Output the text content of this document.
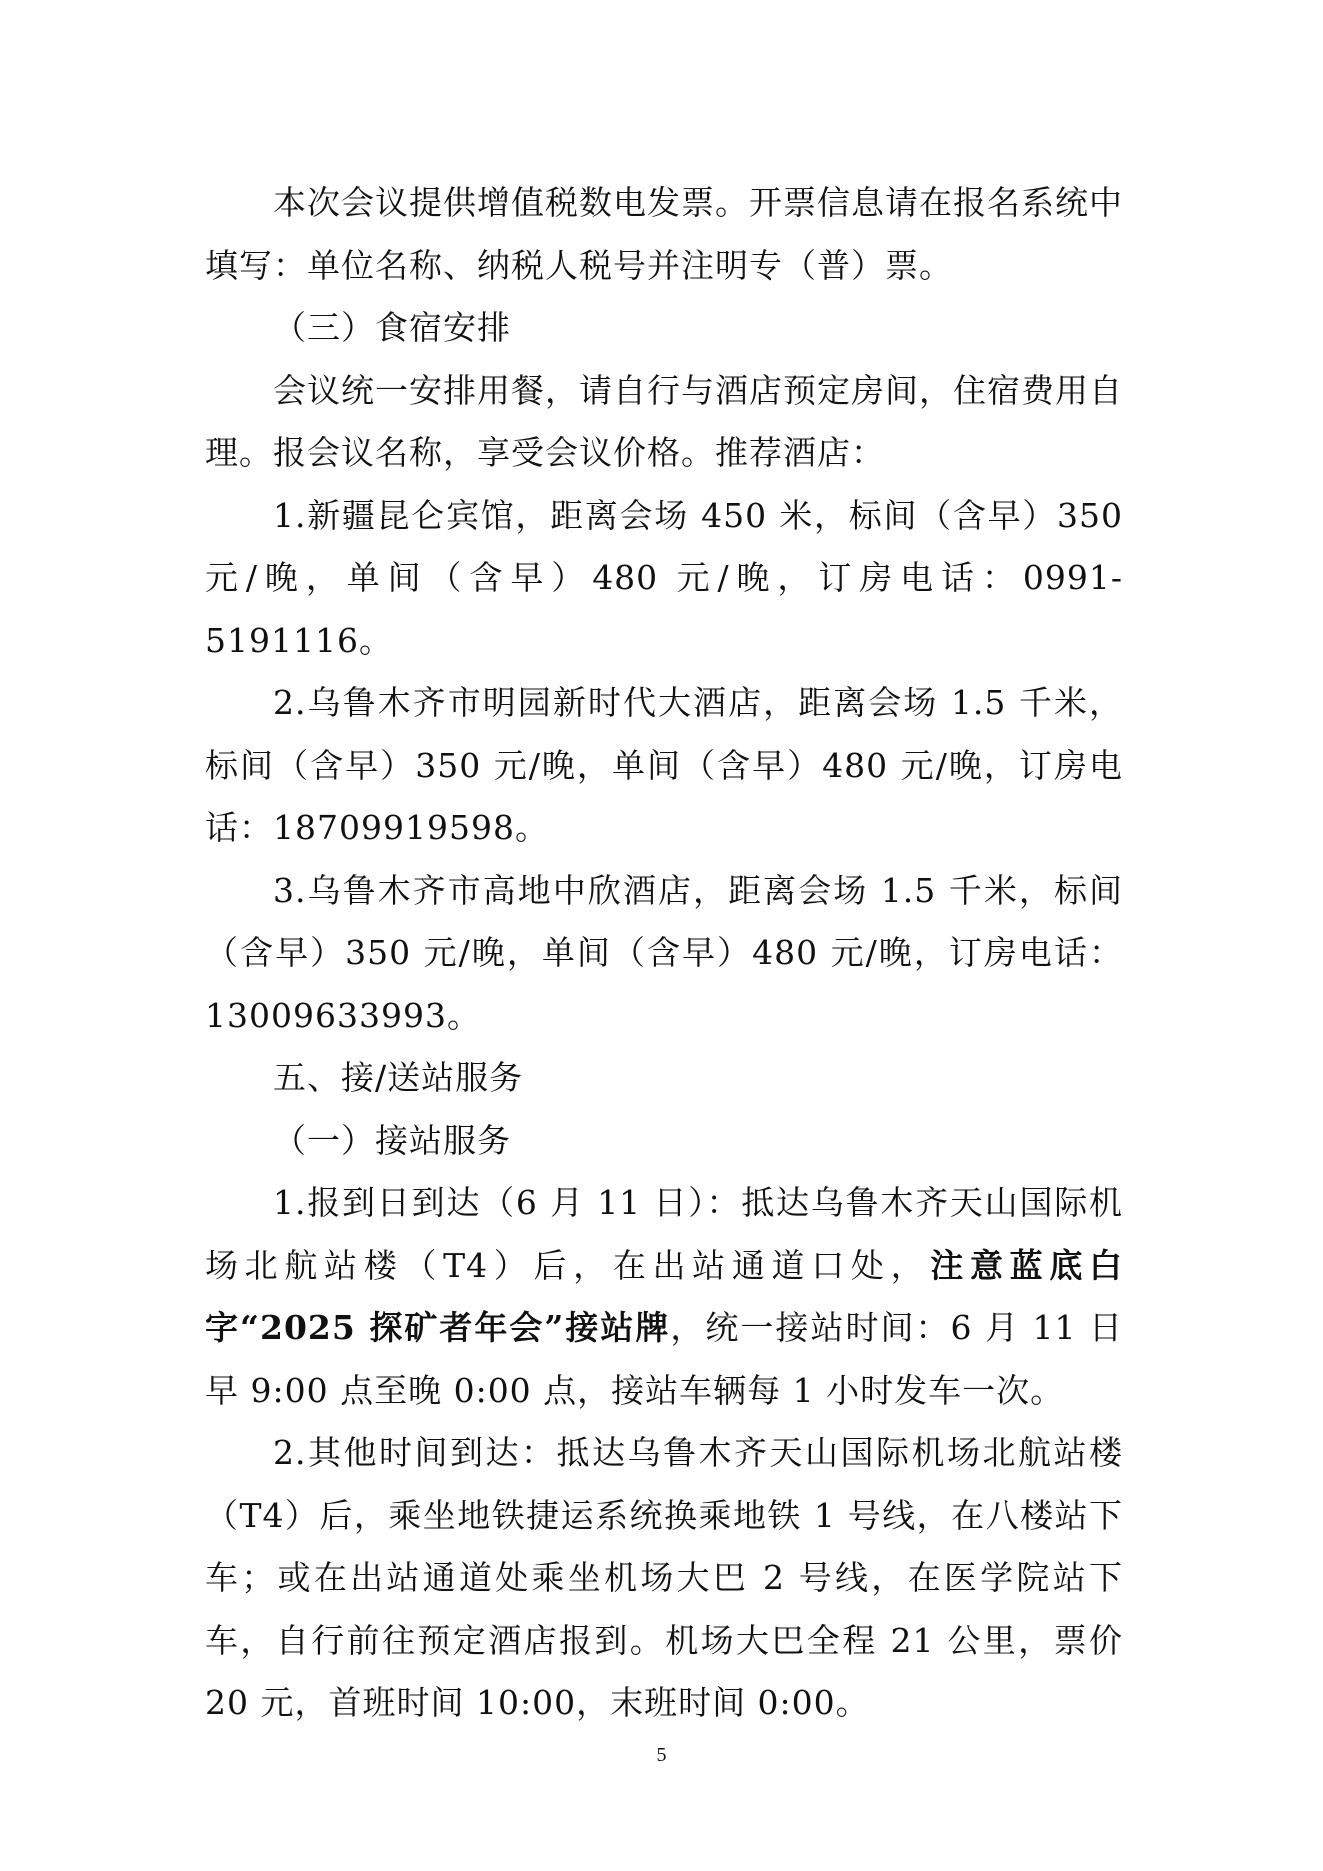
本次会议提供增值税数电发票。开票信息请在报名系统中填写：单位名称、纳税人税号并注明专（普）票。

（三）食宿安排

会议统一安排用餐，请自行与酒店预定房间，住宿费用自理。报会议名称，享受会议价格。推荐酒店：

1.新疆昆仑宾馆，距离会场 450 米，标间（含早）350 元/晚，单间（含早）480 元/晚，订房电话：0991-5191116。

2.乌鲁木齐市明园新时代大酒店，距离会场 1.5 千米，标间（含早）350 元/晚，单间（含早）480 元/晚，订房电话：18709919598。

3.乌鲁木齐市高地中欣酒店，距离会场 1.5 千米，标间（含早）350 元/晚，单间（含早）480 元/晚，订房电话：13009633993。

五、接/送站服务

（一）接站服务

1.报到日到达（6 月 11 日）：抵达乌鲁木齐天山国际机场北航站楼（T4）后，在出站通道口处，注意蓝底白字“2025 探矿者年会”接站牌，统一接站时间：6 月 11 日早 9:00 点至晚 0:00 点，接站车辆每 1 小时发车一次。

2.其他时间到达：抵达乌鲁木齐天山国际机场北航站楼（T4）后，乘坐地铁捷运系统换乘地铁 1 号线，在八楼站下车；或在出站通道处乘坐机场大巴 2 号线，在医学院站下车，自行前往预定酒店报到。机场大巴全程 21 公里，票价 20 元，首班时间 10:00，末班时间 0:00。

5
